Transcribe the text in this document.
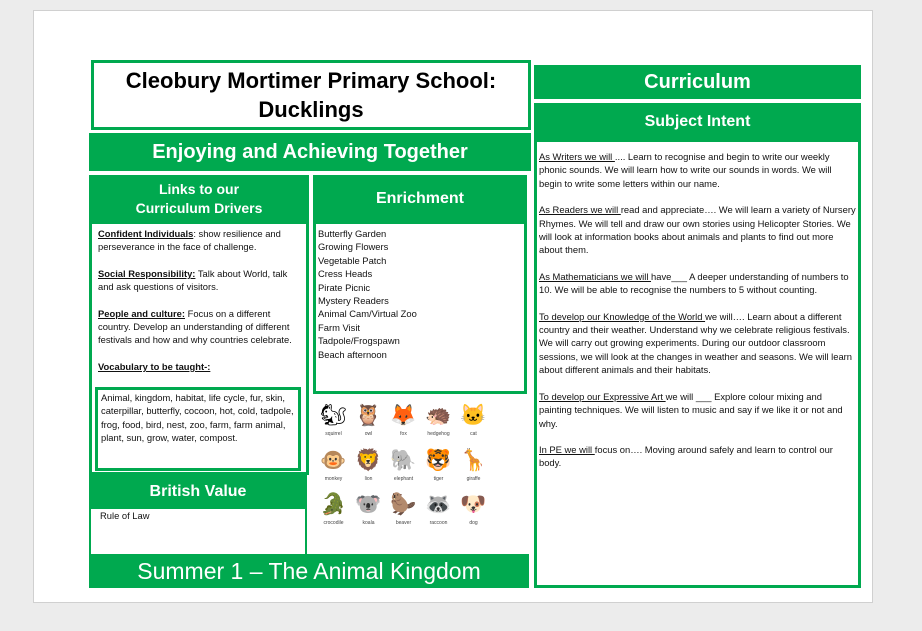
Cleobury Mortimer Primary School:
Ducklings
Enjoying and Achieving Together
Links to our
Curriculum Drivers

Confident Individuals: show resilience and perseverance in the face of challenge.

Social Responsibility: Talk about World, talk and ask questions of visitors.

People and culture: Focus on a different country. Develop an understanding of different festivals and how and why countries celebrate.

Vocabulary to be taught-:
Animal, kingdom, habitat, life cycle, fur, skin, caterpillar, butterfly, cocoon, hot, cold, tadpole, frog, food, bird, nest, zoo, farm, farm animal, plant, sun, grow, water, compost.
Enrichment
Butterfly Garden
Growing Flowers
Vegetable Patch
Cress Heads
Pirate Picnic
Mystery Readers
Animal Cam/Virtual Zoo
Farm Visit
Tadpole/Frogspawn
Beach afternoon
🐿
squirrel
🦉
owl
🦊
fox
🦔
hedgehog
🐱
cat
🐵
monkey
🦁
lion
🐘
elephant
🐯
tiger
🦒
giraffe
🐊
crocodile
🐨
koala
🦫
beaver
🦝
raccoon
🐶
dog
British Value
Rule of Law
Summer 1 – The Animal Kingdom
Curriculum
Subject Intent

As Writers we will .... Learn to recognise and begin to write our weekly phonic sounds. We will learn how to write our sounds in words. We will begin to write some letters within our name.

As Readers we will read and appreciate…. We will learn a variety of Nursery Rhymes. We will tell and draw our own stories using Helicopter Stories. We will look at information books about animals and plants to find out more about them.

As Mathematicians we will have___ A deeper understanding of numbers to 10. We will be able to recognise the numbers to 5 without counting.

To develop our Knowledge of the World we will…. Learn about a different country and their weather. Understand why we celebrate religious festivals. We will carry out growing experiments. During our outdoor classroom sessions, we will look at the changes in weather and seasons. We will learn about different animals and their habitats.

To develop our Expressive Art we will ___ Explore colour mixing and painting techniques. We will listen to music and say if we like it or not and why.

In PE we will focus on…. Moving around safely and learn to control our body.
